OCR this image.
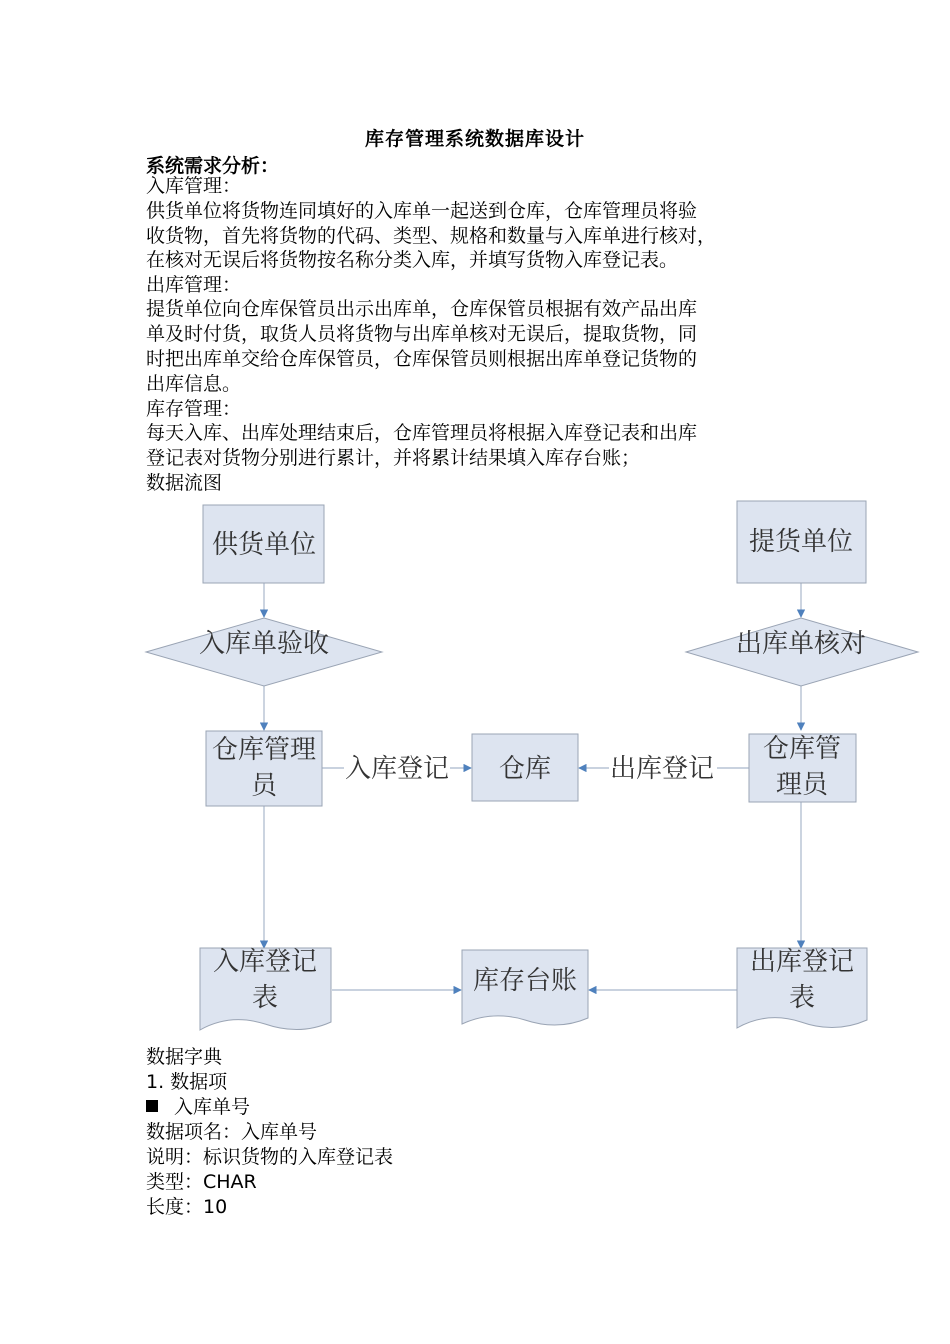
库存管理系统数据库设计
系统需求分析：
入库管理：
供货单位将货物连同填好的入库单一起送到仓库，仓库管理员将验
收货物，首先将货物的代码、类型、规格和数量与入库单进行核对，
在核对无误后将货物按名称分类入库，并填写货物入库登记表。
出库管理：
提货单位向仓库保管员出示出库单，仓库保管员根据有效产品出库
单及时付货，取货人员将货物与出库单核对无误后，提取货物，同
时把出库单交给仓库保管员，仓库保管员则根据出库单登记货物的
出库信息。
库存管理：
每天入库、出库处理结束后，仓库管理员将根据入库登记表和出库
登记表对货物分别进行累计，并将累计结果填入库存台账；
数据流图
入库登记	出库登记
供货单位	提货单位
入库单验收	出库单核对
仓库管理
员
仓库
仓库管
理员
入库登记
表
库存台账
出库登记
表
数据字典
1. 数据项
入库单号
数据项名：入库单号
说明：标识货物的入库登记表
类型：CHAR
长度：10
